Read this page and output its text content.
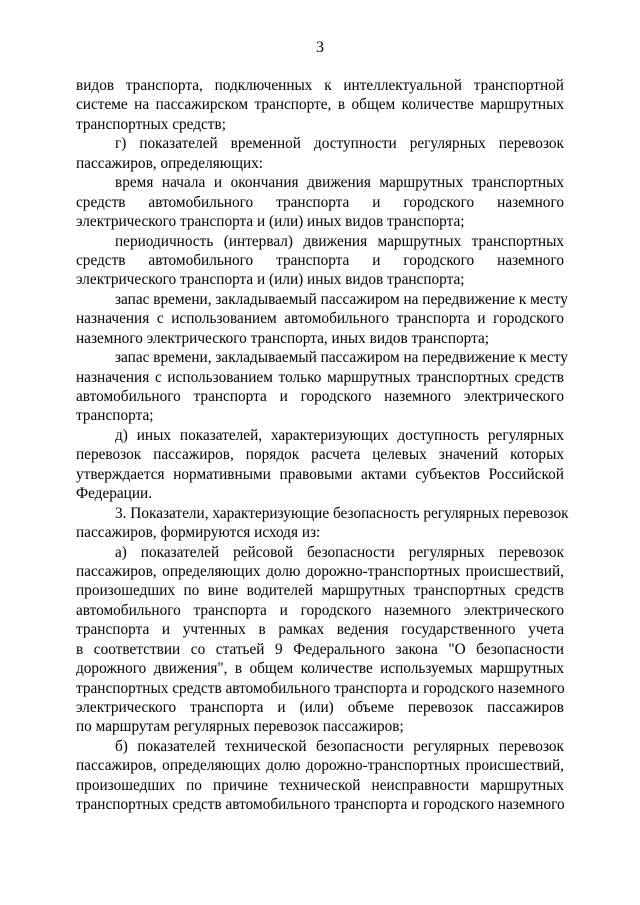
3
видов транспорта, подключенных к интеллектуальной транспортной
системе на пассажирском транспорте, в общем количестве маршрутных
транспортных средств;
г) показателей временной доступности регулярных перевозок
пассажиров, определяющих:
время начала и окончания движения маршрутных транспортных
средств автомобильного транспорта и городского наземного
электрического транспорта и (или) иных видов транспорта;
периодичность (интервал) движения маршрутных транспортных
средств автомобильного транспорта и городского наземного
электрического транспорта и (или) иных видов транспорта;
запас времени, закладываемый пассажиром на передвижение к месту
назначения с использованием автомобильного транспорта и городского
наземного электрического транспорта, иных видов транспорта;
запас времени, закладываемый пассажиром на передвижение к месту
назначения с использованием только маршрутных транспортных средств
автомобильного транспорта и городского наземного электрического
транспорта;
д) иных показателей, характеризующих доступность регулярных
перевозок пассажиров, порядок расчета целевых значений которых
утверждается нормативными правовыми актами субъектов Российской
Федерации.
3. Показатели, характеризующие безопасность регулярных перевозок
пассажиров, формируются исходя из:
а) показателей рейсовой безопасности регулярных перевозок
пассажиров, определяющих долю дорожно-транспортных происшествий,
произошедших по вине водителей маршрутных транспортных средств
автомобильного транспорта и городского наземного электрического
транспорта и учтенных в рамках ведения государственного учета
в соответствии со статьей 9 Федерального закона "О безопасности
дорожного движения", в общем количестве используемых маршрутных
транспортных средств автомобильного транспорта и городского наземного
электрического транспорта и (или) объеме перевозок пассажиров
по маршрутам регулярных перевозок пассажиров;
б) показателей технической безопасности регулярных перевозок
пассажиров, определяющих долю дорожно-транспортных происшествий,
произошедших по причине технической неисправности маршрутных
транспортных средств автомобильного транспорта и городского наземного
